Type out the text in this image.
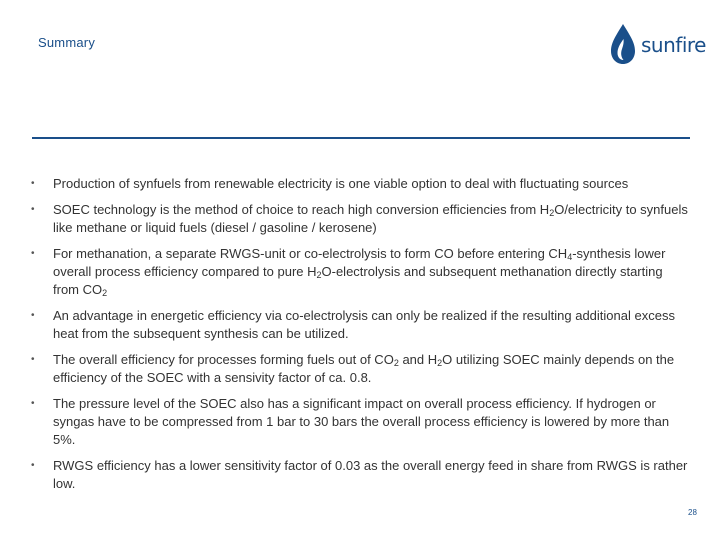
Summary	sunfire
• Production of synfuels from renewable electricity is one viable option to deal with fluctuating sources
• SOEC technology is the method of choice to reach high conversion efficiencies from $H_2O$/electricity to synfuels like methane or liquid fuels (diesel / gasoline / kerosene)
• For methanation, a separate RWGS-unit or co-electrolysis to form CO before entering $CH_4$-synthesis lower overall process efficiency compared to pure $H_2O$-electrolysis and subsequent methanation directly starting from $CO_2$
• An advantage in energetic efficiency via co-electrolysis can only be realized if the resulting additional excess heat from the subsequent synthesis can be utilized.
• The overall efficiency for processes forming fuels out of $CO_2$ and $H_2O$ utilizing SOEC mainly depends on the efficiency of the SOEC with a sensivity factor of ca. 0.8.
• The pressure level of the SOEC also has a significant impact on overall process efficiency. If hydrogen or syngas have to be compressed from 1 bar to 30 bars the overall process efficiency is lowered by more than 5%.
• RWGS efficiency has a lower sensitivity factor of 0.03 as the overall energy feed in share from RWGS is rather low.
28
